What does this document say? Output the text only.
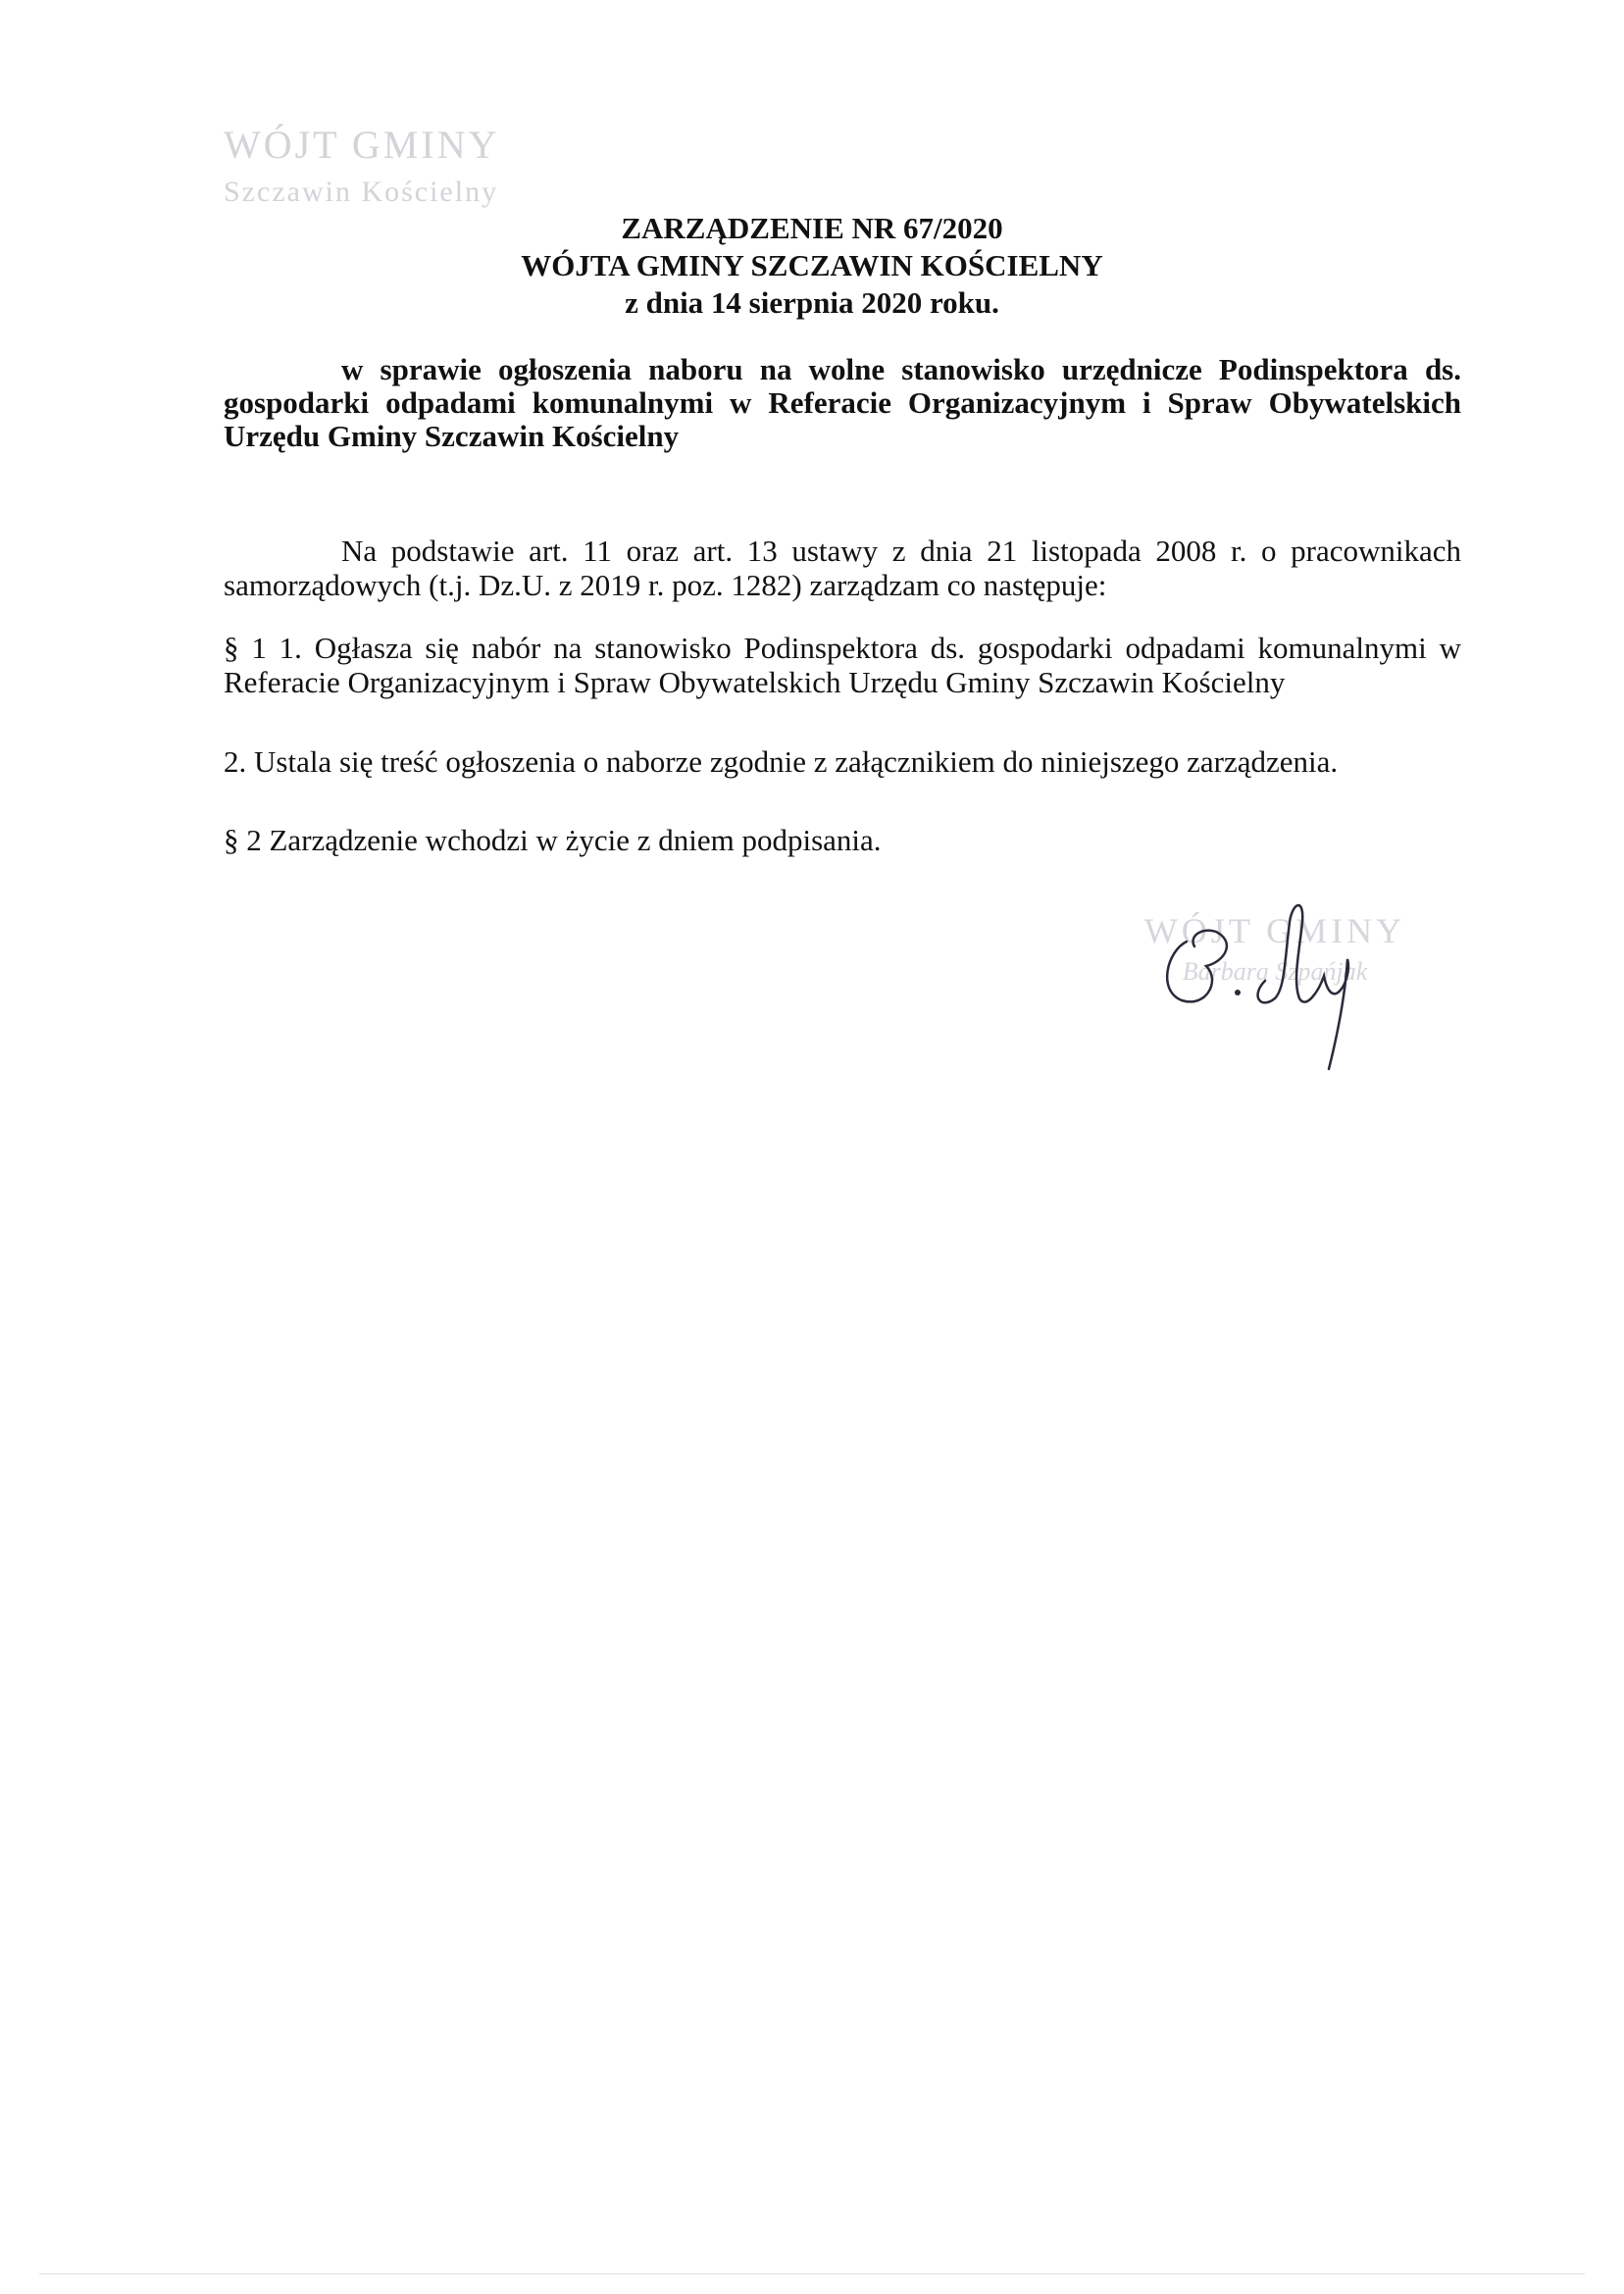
WÓJT GMINY
Szczawin Kościelny
ZARZĄDZENIE NR 67/2020
WÓJTA GMINY SZCZAWIN KOŚCIELNY
z dnia 14 sierpnia 2020 roku.
w sprawie ogłoszenia naboru na wolne stanowisko urzędnicze Podinspektora ds. gospodarki odpadami komunalnymi w Referacie Organizacyjnym i Spraw Obywatelskich Urzędu Gminy Szczawin Kościelny
Na podstawie art. 11 oraz art. 13 ustawy z dnia 21 listopada 2008 r. o pracownikach samorządowych (t.j. Dz.U. z 2019 r. poz. 1282) zarządzam co następuje:
§ 1 1. Ogłasza się nabór na stanowisko Podinspektora ds. gospodarki odpadami komunalnymi w Referacie Organizacyjnym i Spraw Obywatelskich Urzędu Gminy Szczawin Kościelny
2. Ustala się treść ogłoszenia o naborze zgodnie z załącznikiem do niniejszego zarządzenia.
§ 2 Zarządzenie wchodzi w życie z dniem podpisania.
WÓJT GMINY
Barbara Szpańjak
